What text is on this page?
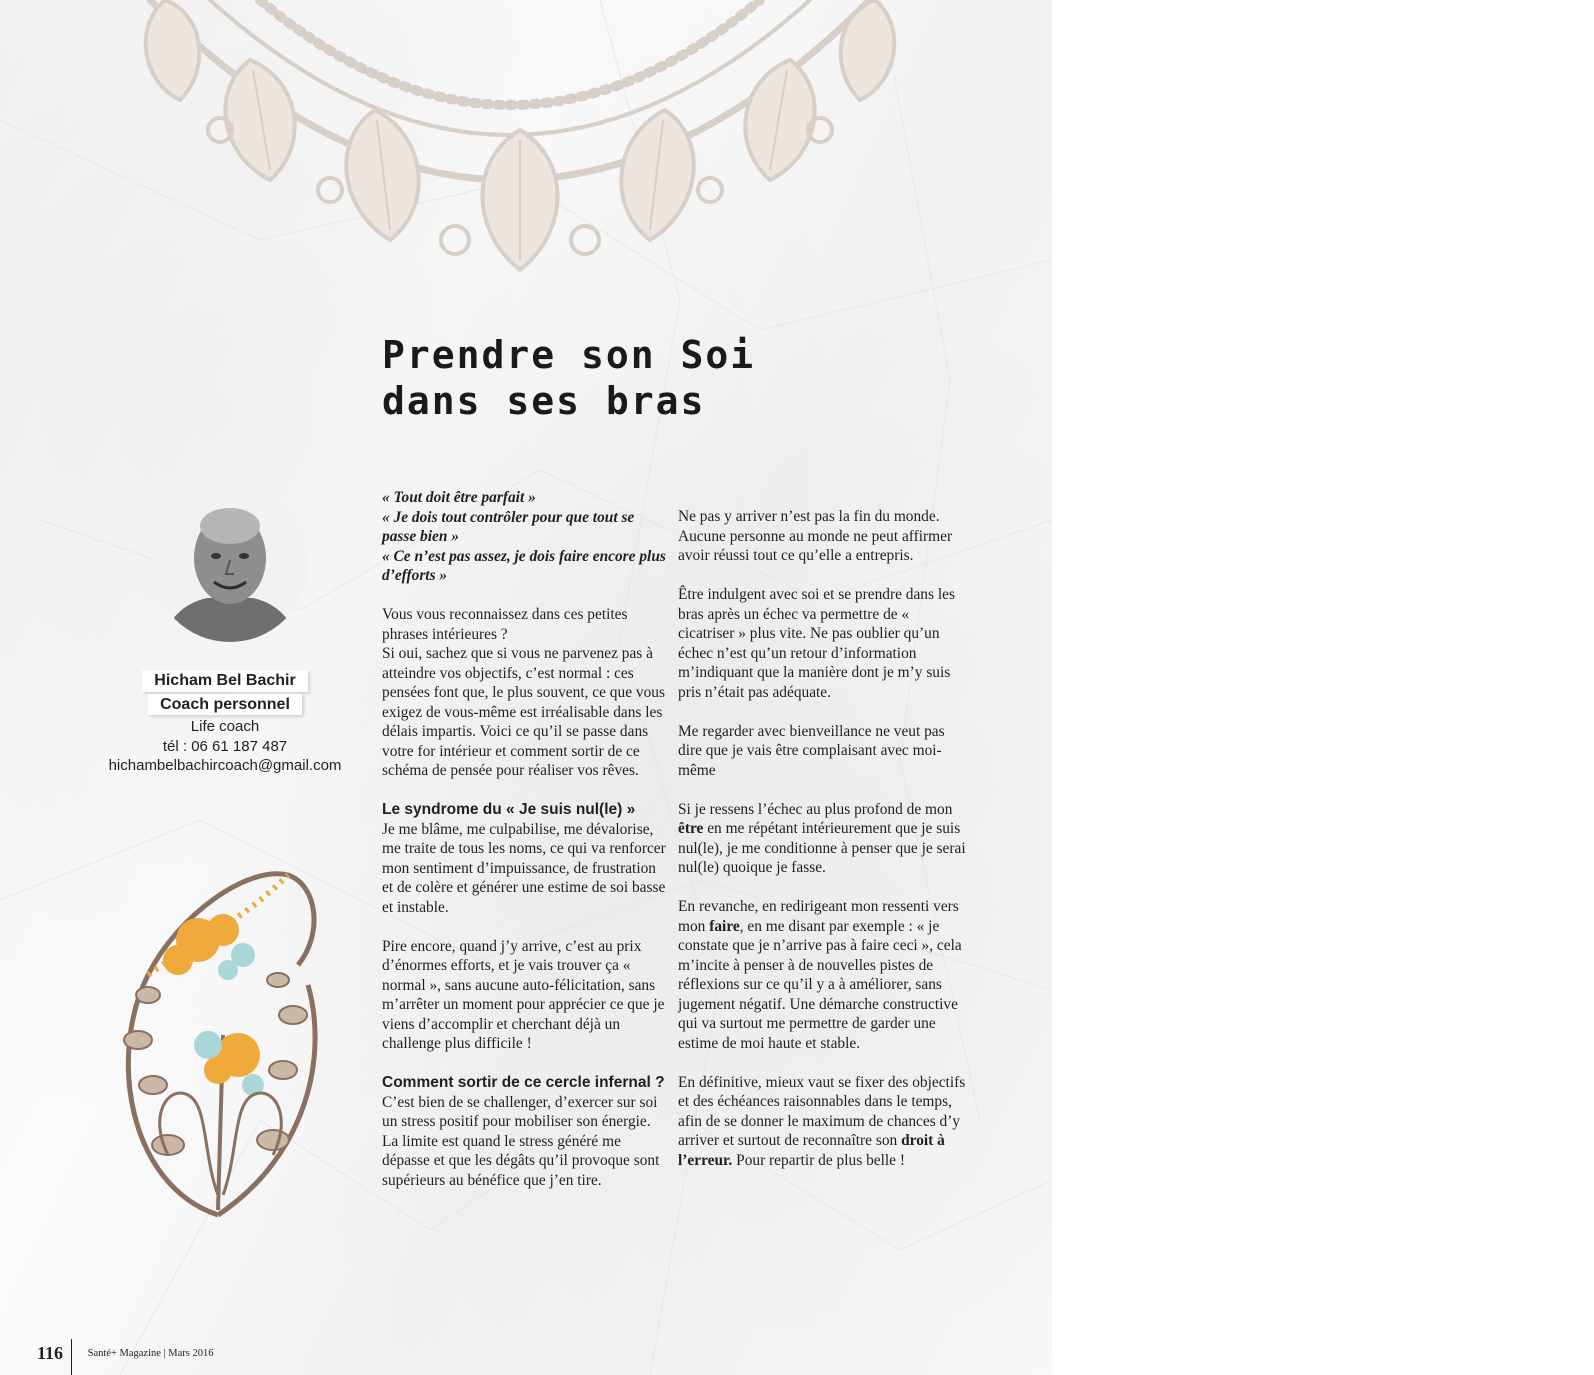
Prendre son Soi
dans ses bras
Hicham Bel Bachir
Coach personnel
Life coach
tél : 06 61 187 487
hichambelbachircoach@gmail.com

« Tout doit être parfait »

« Je dois tout contrôler pour que tout se passe bien »

« Ce n’est pas assez, je dois faire encore plus d’efforts »

Vous vous reconnaissez dans ces petites phrases intérieures ?

Si oui, sachez que si vous ne parvenez pas à atteindre vos objectifs, c’est normal : ces pensées font que, le plus souvent, ce que vous exigez de vous-même est irréalisable dans les délais impartis. Voici ce qu’il se passe dans votre for intérieur et comment sortir de ce schéma de pensée pour réaliser vos rêves.

Le syndrome du « Je suis nul(le) »

Je me blâme, me culpabilise, me dévalorise, me traite de tous les noms, ce qui va renforcer mon sentiment d’impuissance, de frustration et de colère et générer une estime de soi basse et instable.

Pire encore, quand j’y arrive, c’est au prix d’énormes efforts, et je vais trouver ça « normal », sans aucune auto-félicitation, sans m’arrêter un moment pour apprécier ce que je viens d’accomplir et cherchant déjà un challenge plus difficile !

Comment sortir de ce cercle infernal ?

C’est bien de se challenger, d’exercer sur soi un stress positif pour mobiliser son énergie. La limite est quand le stress généré me dépasse et que les dégâts qu’il provoque sont supérieurs au bénéfice que j’en tire.

Ne pas y arriver n’est pas la fin du monde. Aucune personne au monde ne peut affirmer avoir réussi tout ce qu’elle a entrepris.

Être indulgent avec soi et se prendre dans les bras après un échec va permettre de « cicatriser » plus vite. Ne pas oublier qu’un échec n’est qu’un retour d’information m’indiquant que la manière dont je m’y suis pris n’était pas adéquate.

Me regarder avec bienveillance ne veut pas dire que je vais être complaisant avec moi-même

Si je ressens l’échec au plus profond de mon être en me répétant intérieurement que je suis nul(le), je me conditionne à penser que je serai nul(le) quoique je fasse.

En revanche, en redirigeant mon ressenti vers mon faire, en me disant par exemple : « je constate que je n’arrive pas à faire ceci », cela m’incite à penser à de nouvelles pistes de réflexions sur ce qu’il y a à améliorer, sans jugement négatif. Une démarche constructive qui va surtout me permettre de garder une estime de moi haute et stable.

En définitive, mieux vaut se fixer des objectifs et des échéances raisonnables dans le temps, afin de se donner le maximum de chances d’y arriver et surtout de reconnaître son droit à l’erreur. Pour repartir de plus belle !

116 Santé+ Magazine | Mars 2016
